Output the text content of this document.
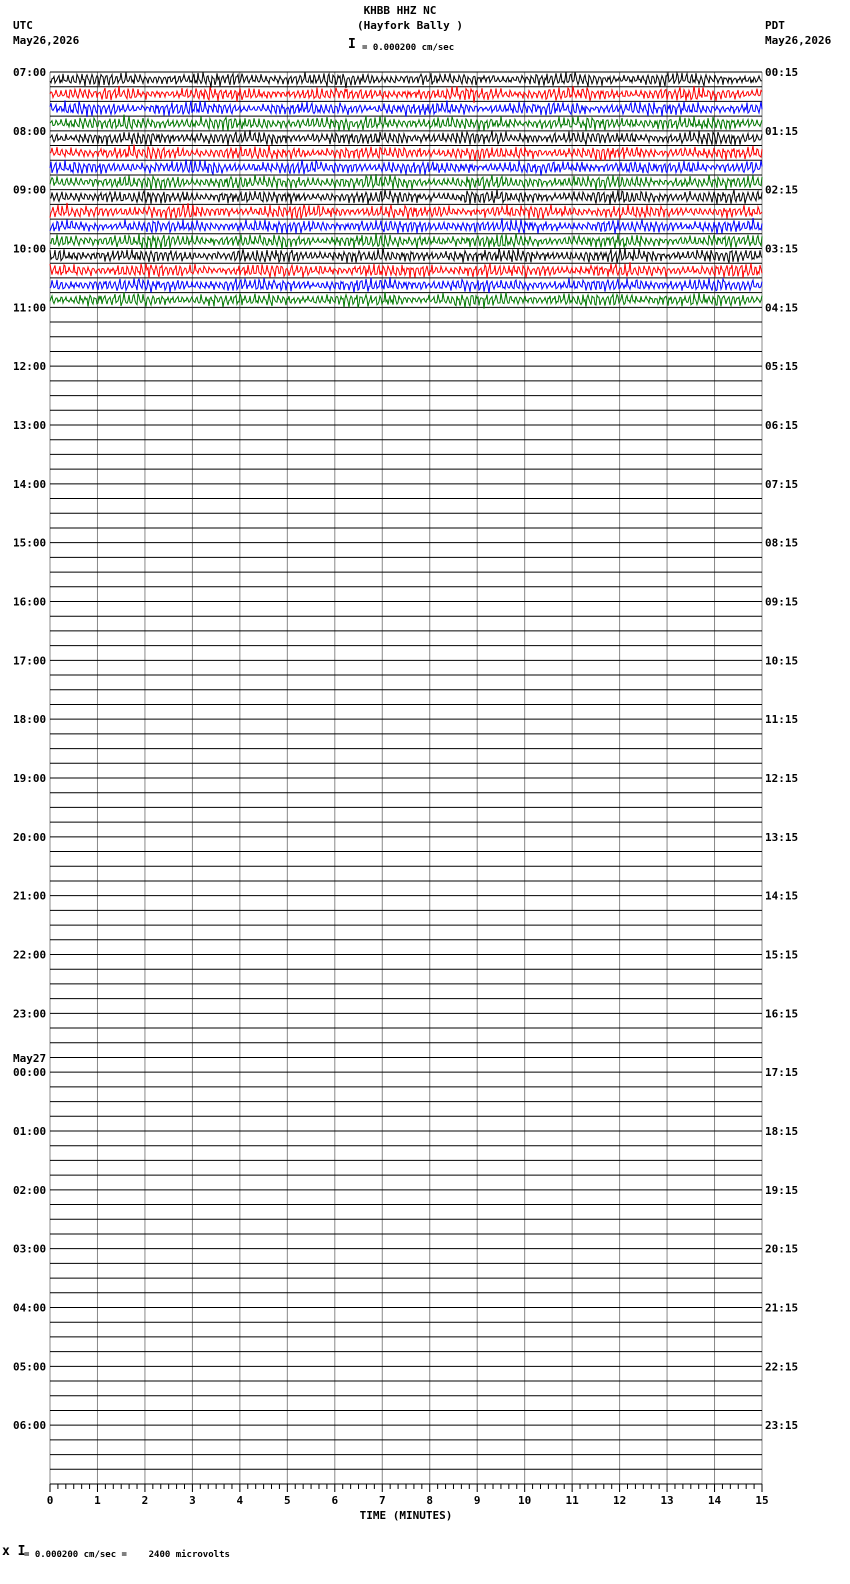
KHBB HHZ NC
(Hayfork Bally )
UTC
May26,2026
PDT
May26,2026
I = 0.000200 cm/sec
07:00
08:00
09:00
10:00
11:00
12:00
13:00
14:00
15:00
16:00
17:00
18:00
19:00
20:00
21:00
22:00
23:00
00:00
May27
01:00
02:00
03:00
04:00
05:00
06:00
00:15
01:15
02:15
03:15
04:15
05:15
06:15
07:15
08:15
09:15
10:15
11:15
12:15
13:15
14:15
15:15
16:15
17:15
18:15
19:15
20:15
21:15
22:15
23:15
0	1	2	3	4	5	6	7	8	9	10	11	12	13	14	15
TIME (MINUTES)
x I
= 0.000200 cm/sec =    2400 microvolts
